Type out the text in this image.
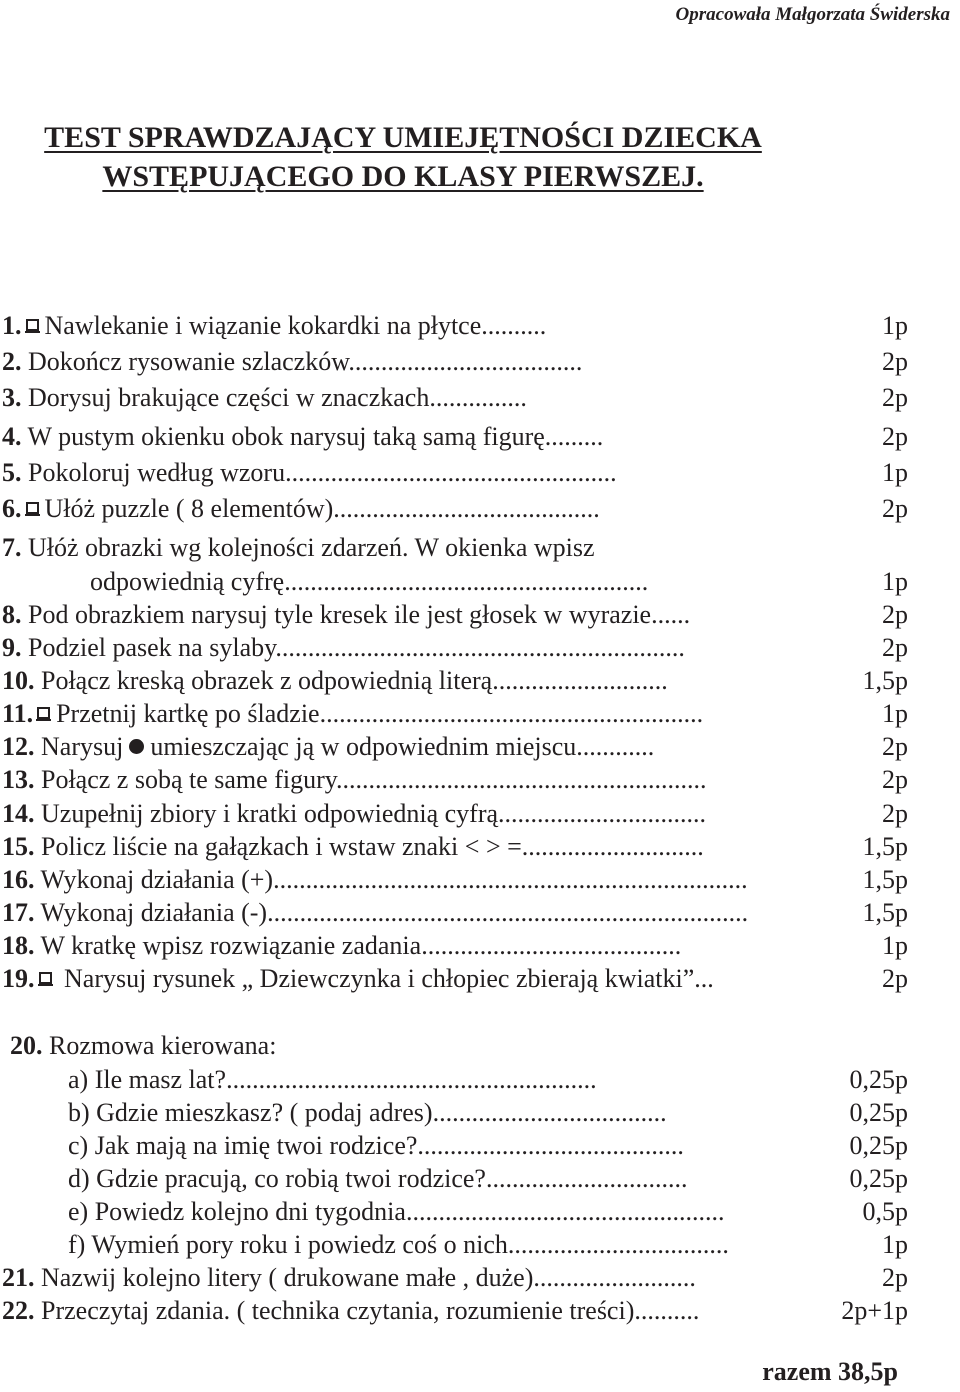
Opracowała Małgorzata Świderska
TEST SPRAWDZAJĄCY UMIEJĘTNOŚCI DZIECKA
WSTĘPUJĄCEGO DO KLASY PIERWSZEJ.
1. Nawlekanie i wiązanie kokardki na płytce..........	1p
2. Dokończ rysowanie szlaczków....................................	2p
3. Dorysuj brakujące części w znaczkach...............	2p
4. W pustym okienku obok narysuj taką samą figurę.........	2p
5. Pokoloruj według wzoru...................................................	1p
6. Ułóż puzzle ( 8 elementów).........................................	2p
7. Ułóż obrazki wg kolejności zdarzeń. W okienka wpisz
odpowiednią cyfrę........................................................	1p
8. Pod obrazkiem narysuj tyle kresek ile jest głosek w wyrazie......	2p
9. Podziel pasek na sylaby...............................................................	2p
10. Połącz kreską obrazek z odpowiednią literą...........................	1,5p
11. Przetnij kartkę po śladzie...........................................................	1p
12. Narysuj umieszczając ją w odpowiednim miejscu............	2p
13. Połącz z sobą te same figury.........................................................	2p
14. Uzupełnij zbiory i kratki odpowiednią cyfrą................................	2p
15. Policz liście na gałązkach i wstaw znaki < > =............................	1,5p
16. Wykonaj działania (+).........................................................................	1,5p
17. Wykonaj działania (-)..........................................................................	1,5p
18. W kratkę wpisz rozwiązanie zadania........................................	1p
19. Narysuj rysunek „ Dziewczynka i chłopiec zbierają kwiatki”...	2p
20. Rozmowa kierowana:
a) Ile masz lat?.........................................................	0,25p
b) Gdzie mieszkasz? ( podaj adres)....................................	0,25p
c) Jak mają na imię twoi rodzice?.........................................	0,25p
d) Gdzie pracują, co robią twoi rodzice?...............................	0,25p
e) Powiedz kolejno dni tygodnia.................................................	0,5p
f) Wymień pory roku i powiedz coś o nich..................................	1p
21. Nazwij kolejno litery ( drukowane małe , duże).........................	2p
22. Przeczytaj zdania. ( technika czytania, rozumienie treści)..........	2p+1p
razem 38,5p
